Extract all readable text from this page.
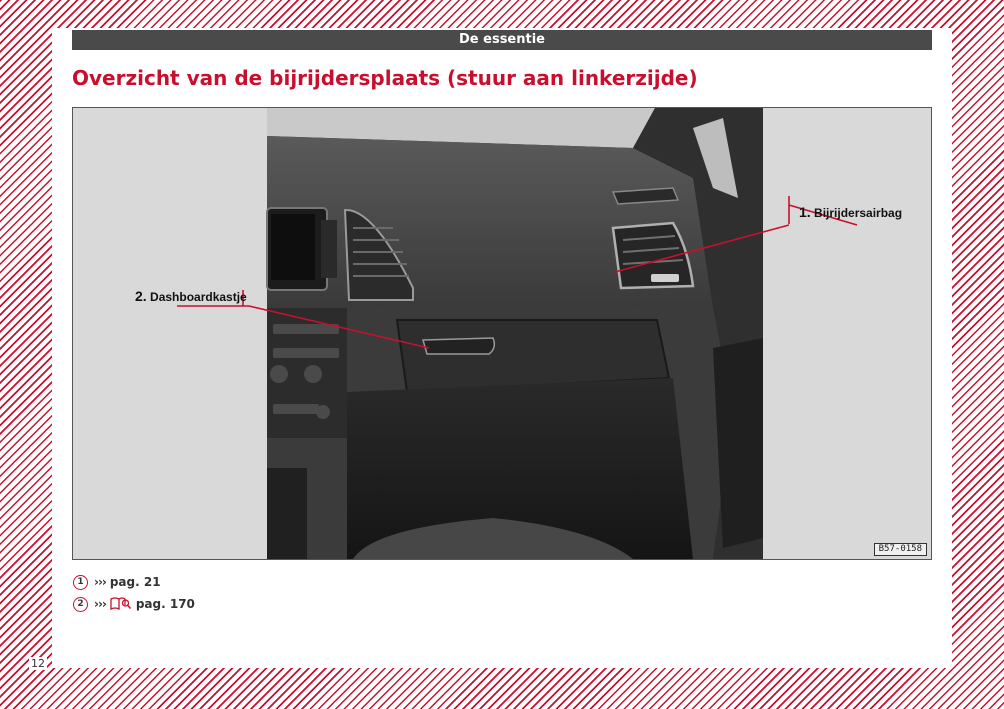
De essentie
Overzicht van de bijrijdersplaats (stuur aan linkerzijde)
1. Bijrijdersairbag
2. Dashboardkastje
B57-0158
1 ››› pag. 21
2 ›››	pag. 170
12
